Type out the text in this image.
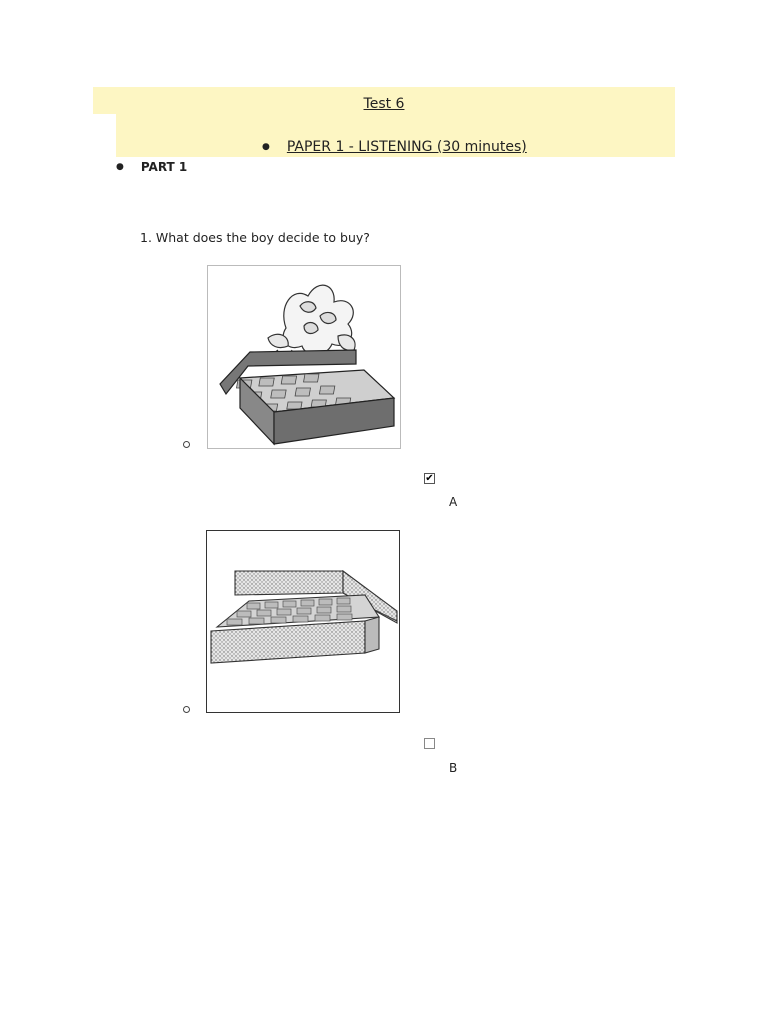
Test 6
● PAPER 1 - LISTENING (30 minutes)
● PART 1
1. What does the boy decide to buy?
✔
A
B
